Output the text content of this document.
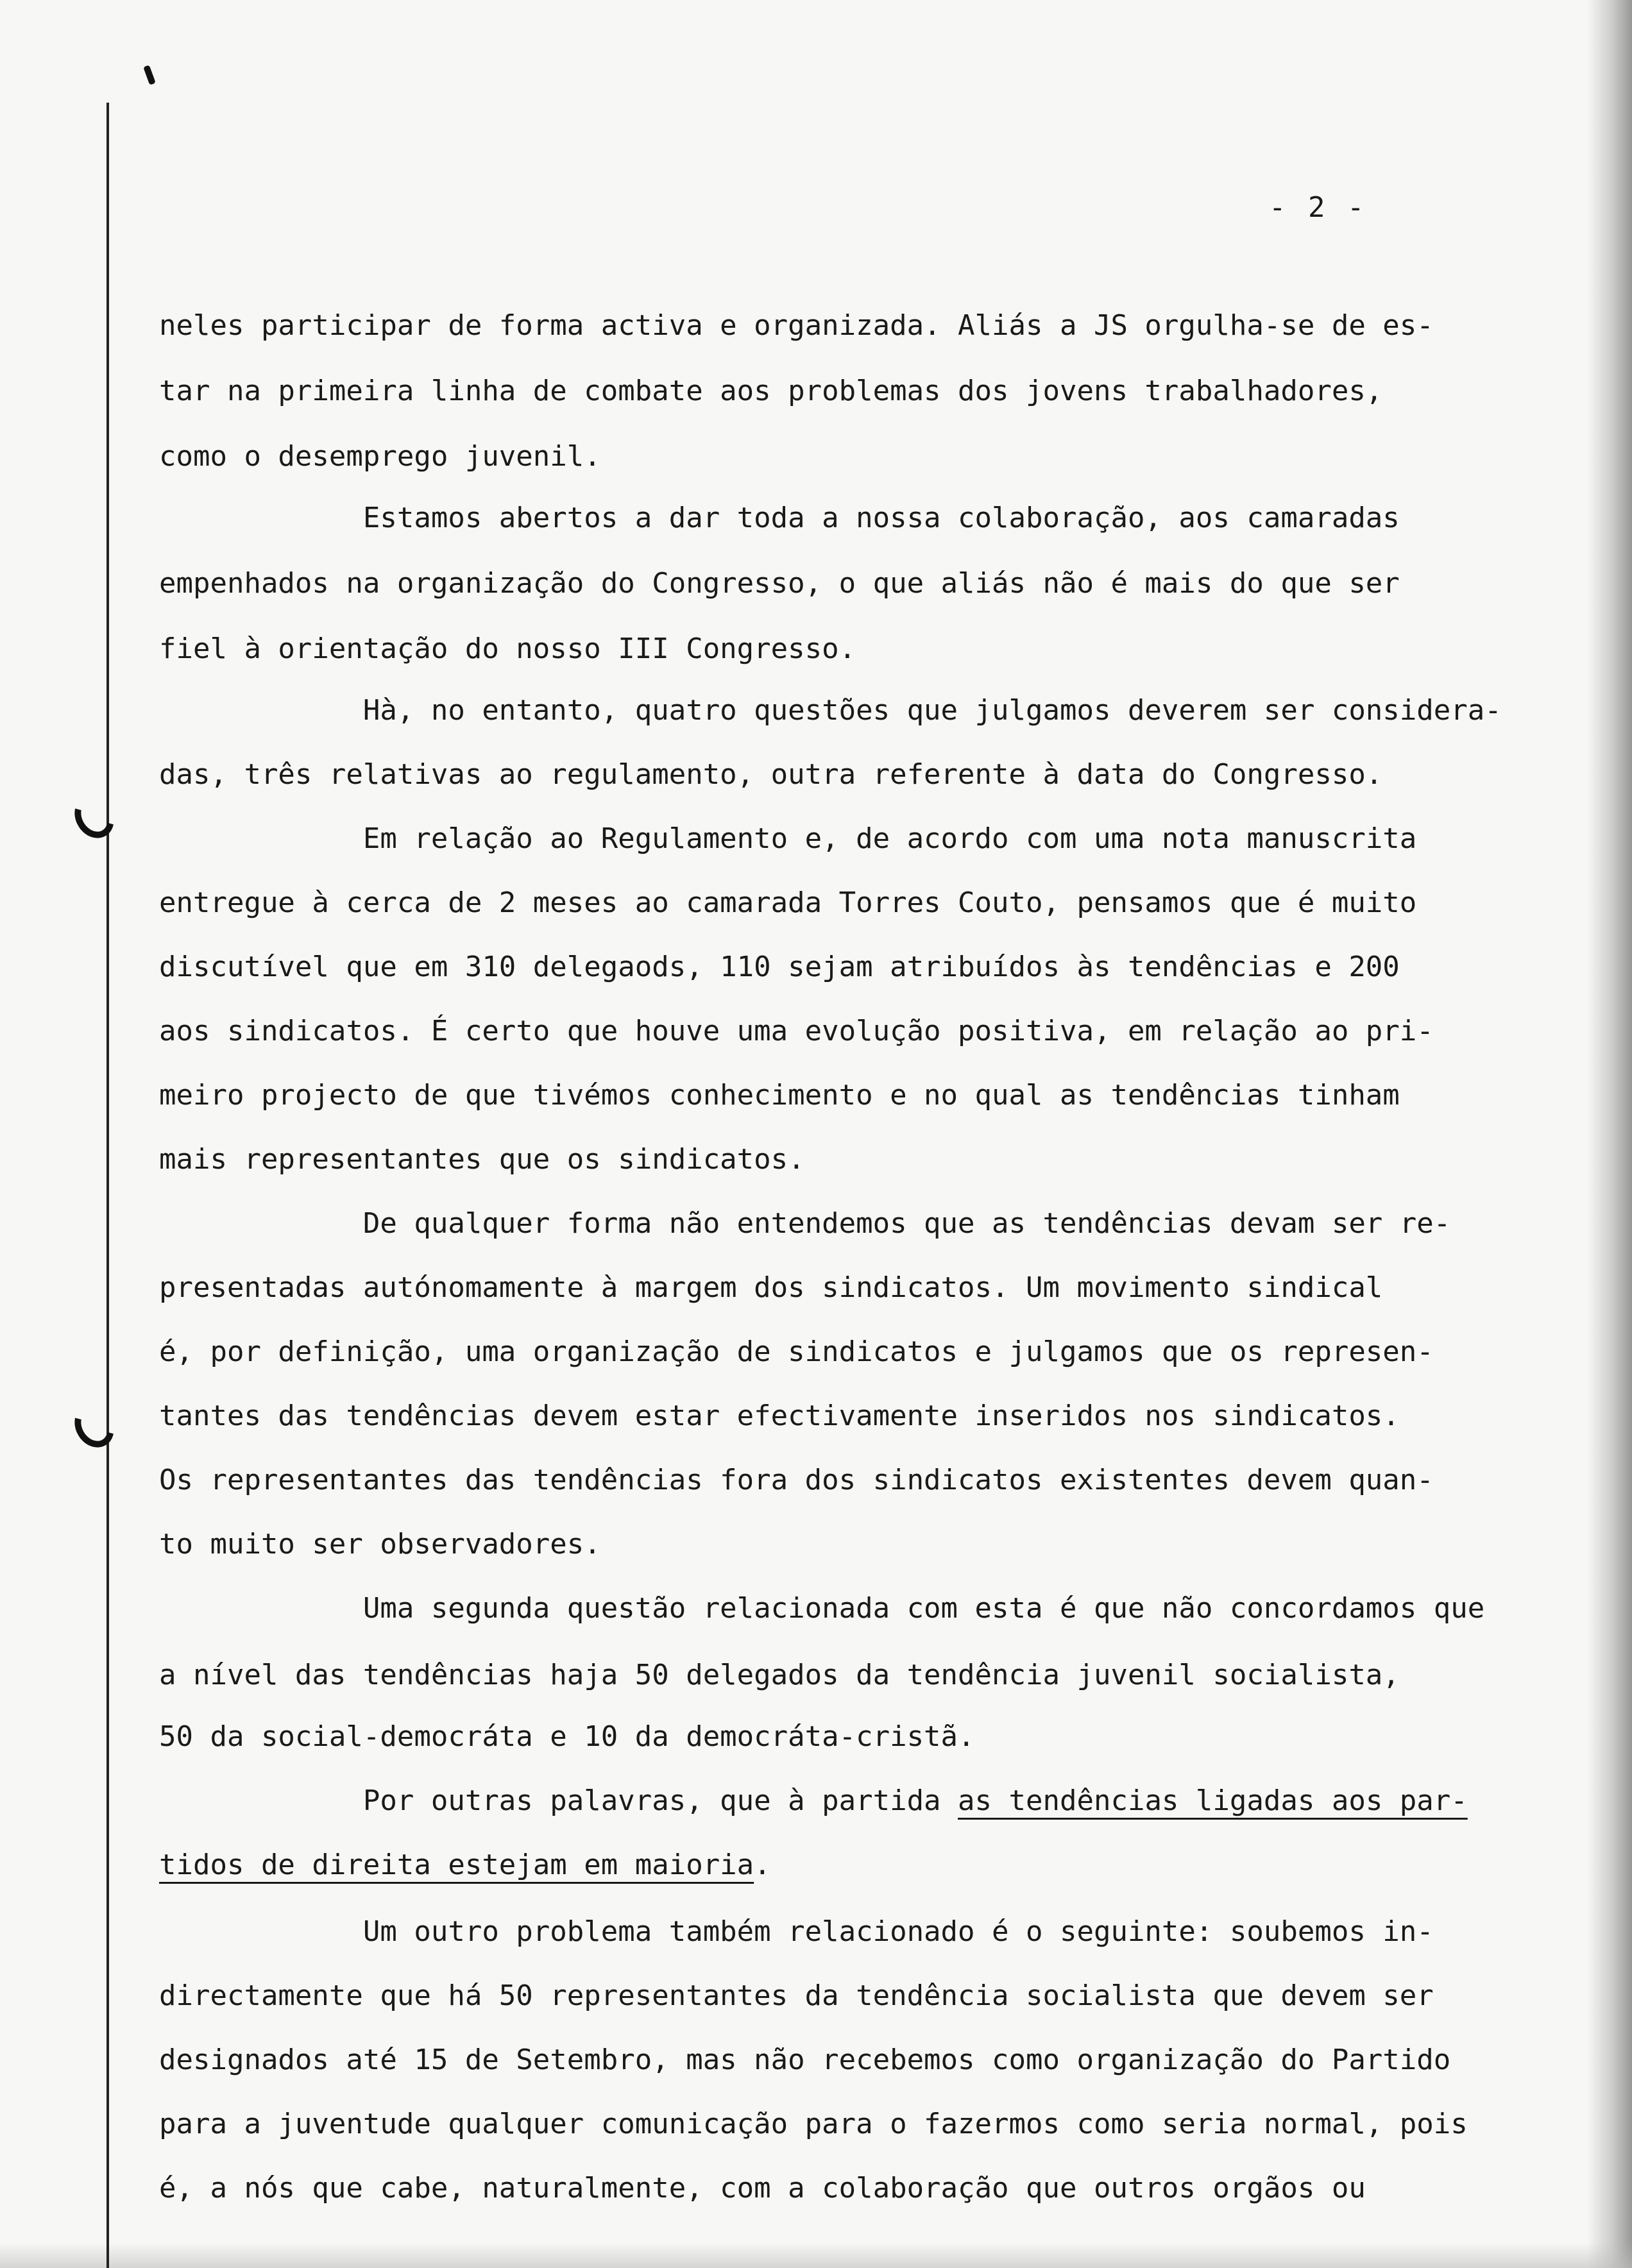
- 2 -
neles participar de forma activa e organizada. Aliás a JS orgulha-se de es-
tar na primeira linha de combate aos problemas dos jovens trabalhadores,
como o desemprego juvenil.
Estamos abertos a dar toda a nossa colaboração, aos camaradas
empenhados na organização do Congresso, o que aliás não é mais do que ser
fiel à orientação do nosso III Congresso.
Hà, no entanto, quatro questões que julgamos deverem ser considera-
das, três relativas ao regulamento, outra referente à data do Congresso.
Em relação ao Regulamento e, de acordo com uma nota manuscrita
entregue à cerca de 2 meses ao camarada Torres Couto, pensamos que é muito
discutível que em 310 delegaods, 110 sejam atribuídos às tendências e 200
aos sindicatos. É certo que houve uma evolução positiva, em relação ao pri-
meiro projecto de que tivémos conhecimento e no qual as tendências tinham
mais representantes que os sindicatos.
De qualquer forma não entendemos que as tendências devam ser re-
presentadas autónomamente à margem dos sindicatos. Um movimento sindical
é, por definição, uma organização de sindicatos e julgamos que os represen-
tantes das tendências devem estar efectivamente inseridos nos sindicatos.
Os representantes das tendências fora dos sindicatos existentes devem quan-
to muito ser observadores.
Uma segunda questão relacionada com esta é que não concordamos que
a nível das tendências haja 50 delegados da tendência juvenil socialista,
50 da social-democráta e 10 da democráta-cristã.
Por outras palavras, que à partida as tendências ligadas aos par-
tidos de direita estejam em maioria.
Um outro problema também relacionado é o seguinte: soubemos in-
directamente que há 50 representantes da tendência socialista que devem ser
designados até 15 de Setembro, mas não recebemos como organização do Partido
para a juventude qualquer comunicação para o fazermos como seria normal, pois
é, a nós que cabe, naturalmente, com a colaboração que outros orgãos ou
